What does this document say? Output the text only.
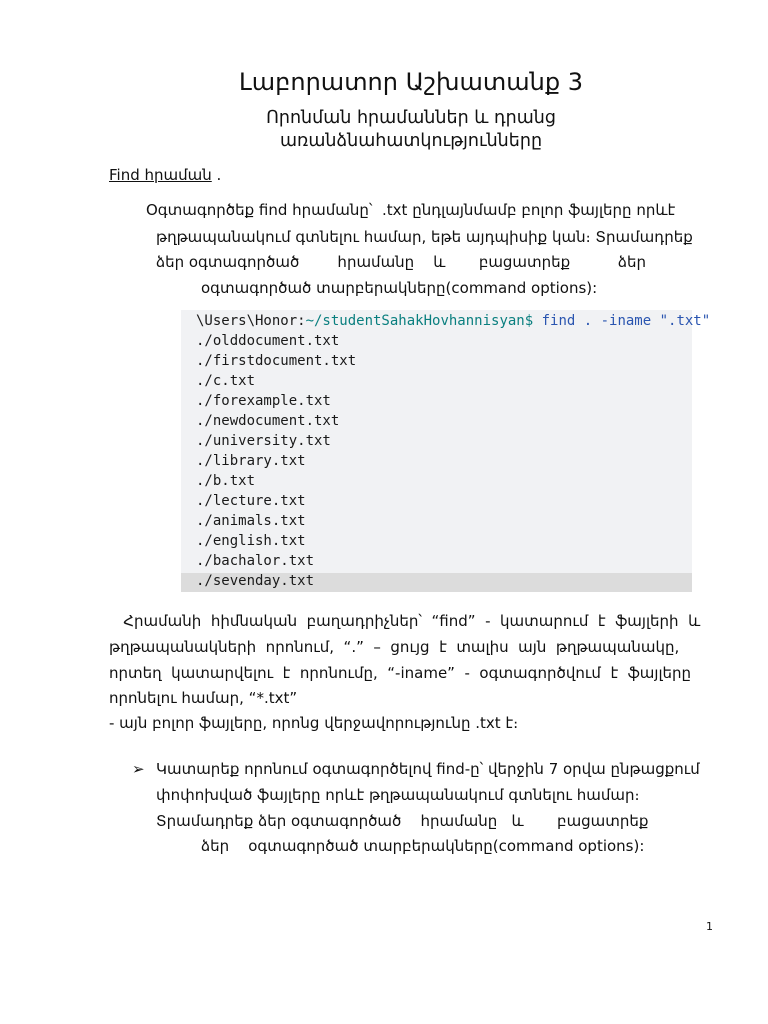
Լաբորատոր Աշխատանք 3
Որոնման հրամաններ և դրանց
առանձնահատկությունները
Find հրաման .
Օգտագործեք find հրամանը՝  .txt ընդլայնմամբ բոլոր ֆայլերը որևէ
թղթապանակում գտնելու համար, եթե այդպիսիք կան։ Տրամադրեք
ձեր օգտագործած        հրամանը    և       բացատրեք          ձեր
օգտագործած տարբերակները(command options):
\Users\Honor:~/studentSahakHovhannisyan$ find . -iname ".txt"
./olddocument.txt
./firstdocument.txt
./c.txt
./forexample.txt
./newdocument.txt
./university.txt
./library.txt
./b.txt
./lecture.txt
./animals.txt
./english.txt
./bachalor.txt
./sevenday.txt
Հրամանի  հիմնական  բաղադրիչներ՝  “find”  -  կատարում  է  ֆայլերի  և
թղթապանակների  որոնում,  “.”  –  ցույց  է  տալիս  այն  թղթապանակը,
որտեղ  կատարվելու  է  որոնումը,  “-iname”  -  օգտագործվում  է  ֆայլերը
որոնելու համար, “*.txt”
- այն բոլոր ֆայլերը, որոնց վերջավորությունը .txt է։
➢ Կատարեք որոնում օգտագործելով find-ը՝ վերջին 7 օրվա ընթացքում
փոփոխված ֆայլերը որևէ թղթապանակում գտնելու համար։
Տրամադրեք ձեր օգտագործած    հրամանը   և       բացատրեք
ձեր    օգտագործած տարբերակները(command options):
1
